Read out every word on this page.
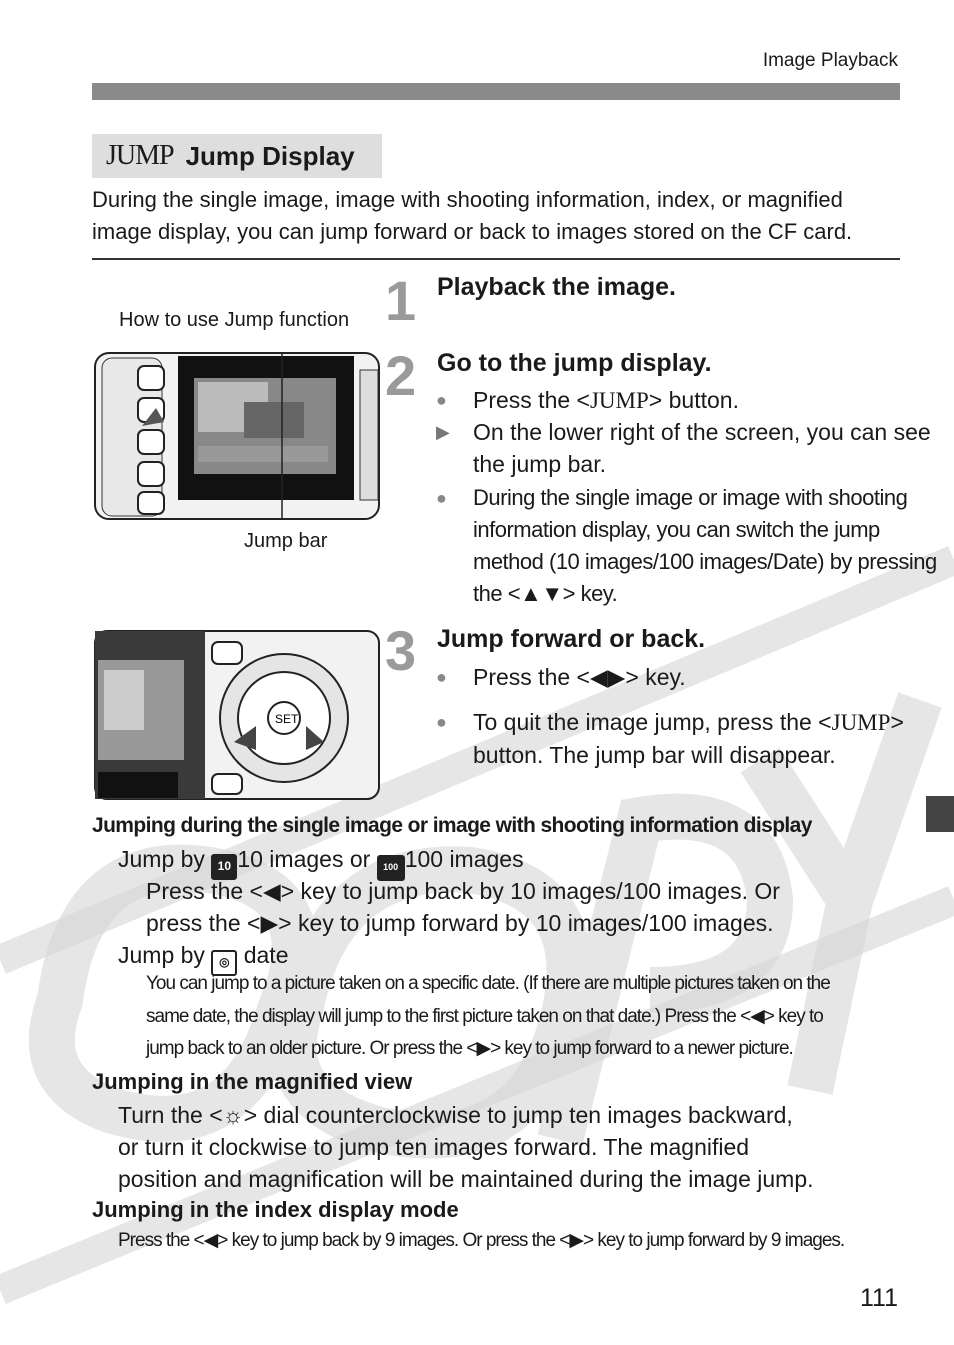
Image Playback
JUMP Jump Display
During the single image, image with shooting information, index, or magnified image display, you can jump forward or back to images stored on the CF card.
How to use Jump function
Jump bar
1 Playback the image.
2 Go to the jump display.
● Press the <JUMP> button.
▶ On the lower right of the screen, you can see the jump bar.
● During the single image or image with shooting information display, you can switch the jump method (10 images/100 images/Date) by pressing the <▲▼> key.
SET
3 Jump forward or back.
● Press the <◀▶> key.
● To quit the image jump, press the <JUMP> button. The jump bar will disappear.
Jumping during the single image or image with shooting information display
Jump by 10 10 images or 100 100 images
Press the <◀> key to jump back by 10 images/100 images. Or
press the <▶> key to jump forward by 10 images/100 images.
Jump by ◎ date
You can jump to a picture taken on a specific date. (If there are multiple pictures taken on the
same date, the display will jump to the first picture taken on that date.) Press the <◀> key to
jump back to an older picture. Or press the <▶> key to jump forward to a newer picture.
Jumping in the magnified view
Turn the <☼> dial counterclockwise to jump ten images backward,
or turn it clockwise to jump ten images forward. The magnified
position and magnification will be maintained during the image jump.
Jumping in the index display mode
Press the <◀> key to jump back by 9 images. Or press the <▶> key to jump forward by 9 images.
111
